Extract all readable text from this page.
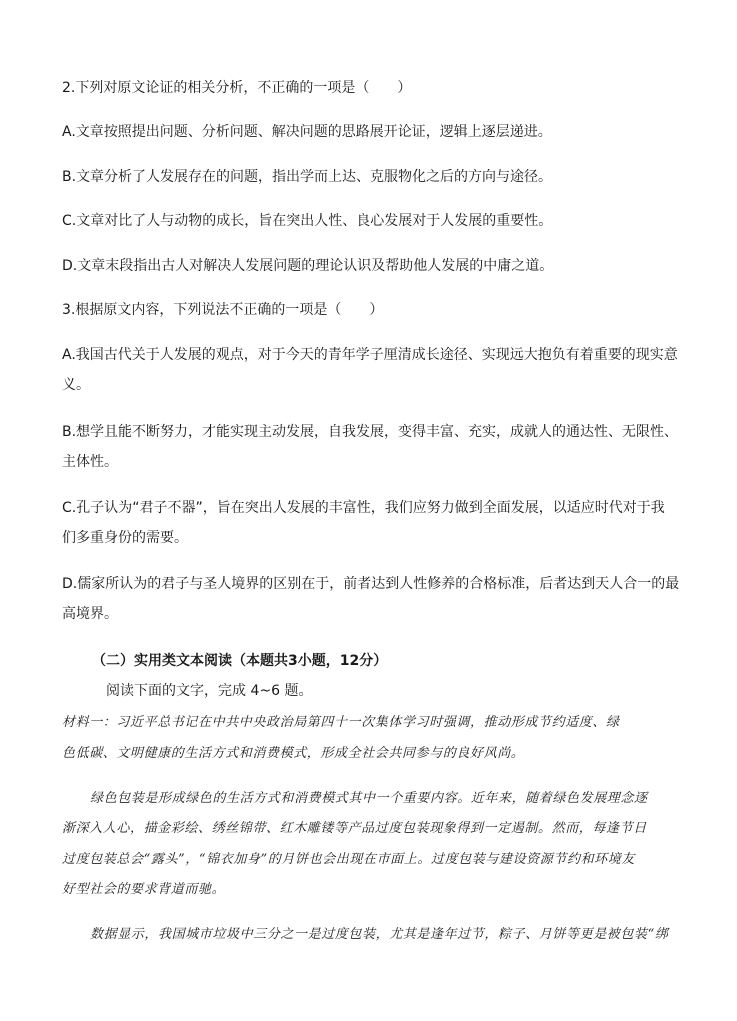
2.下列对原文论证的相关分析，不正确的一项是（　　）
A.文章按照提出问题、分析问题、解决问题的思路展开论证，逻辑上逐层递进。
B.文章分析了人发展存在的问题，指出学而上达、克服物化之后的方向与途径。
C.文章对比了人与动物的成长，旨在突出人性、良心发展对于人发展的重要性。
D.文章末段指出古人对解决人发展问题的理论认识及帮助他人发展的中庸之道。
3.根据原文内容，下列说法不正确的一项是（　　）
A.我国古代关于人发展的观点，对于今天的青年学子厘清成长途径、实现远大抱负有着重要的现实意
义。
B.想学且能不断努力，才能实现主动发展，自我发展，变得丰富、充实，成就人的通达性、无限性、
主体性。
C.孔子认为“君子不器”，旨在突出人发展的丰富性，我们应努力做到全面发展，以适应时代对于我
们多重身份的需要。
D.儒家所认为的君子与圣人境界的区别在于，前者达到人性修养的合格标准，后者达到天人合一的最
高境界。
（二）实用类文本阅读（本题共3小题，12分）
阅读下面的文字，完成 4~6 题。
材料一：习近平总书记在中共中央政治局第四十一次集体学习时强调，推动形成节约适度、绿
色低碳、文明健康的生活方式和消费模式，形成全社会共同参与的良好风尚。
绿色包装是形成绿色的生活方式和消费模式其中一个重要内容。近年来，随着绿色发展理念逐
渐深入人心，描金彩绘、绣丝锦带、红木雕镂等产品过度包装现象得到一定遏制。然而，每逢节日
过度包装总会“露头”，“锦衣加身”的月饼也会出现在市面上。过度包装与建设资源节约和环境友
好型社会的要求背道而驰。
数据显示，我国城市垃圾中三分之一是过度包装，尤其是逢年过节，粽子、月饼等更是被包装“绑
